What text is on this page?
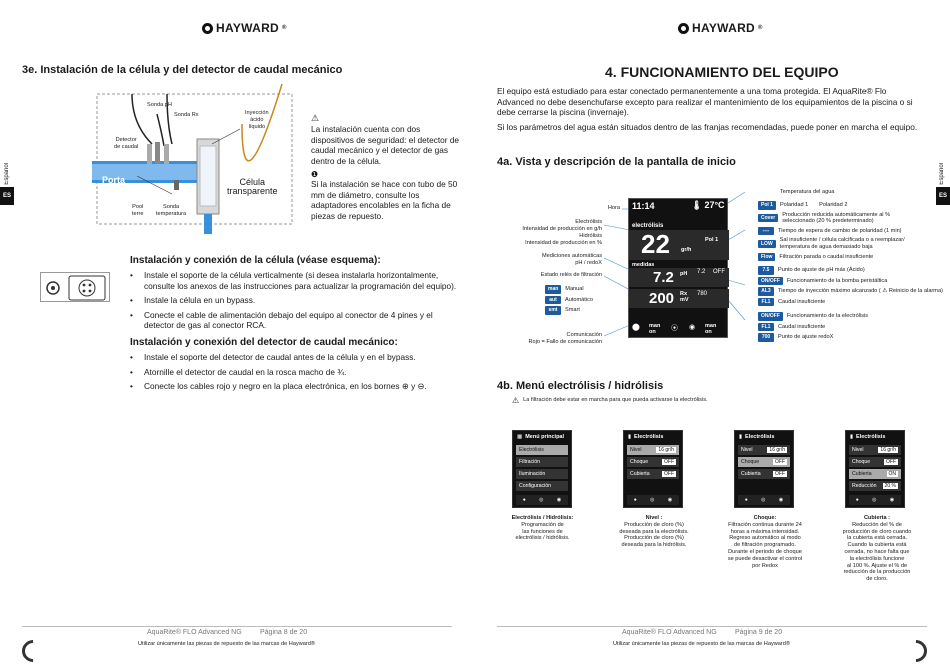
HAYWARD ®
3e. Instalación de la célula y del detector de caudal mecánico
Sonda pH
Sonda Rx	Inyección
ácido
líquido
Detector
de caudal
Porta
sonda
Pool
terre
Sonda
temperatura
Célula
transparente
⚠
La instalación cuenta con dos dispositivos de seguridad: el detector de caudal mecánico y el detector de gas dentro de la célula.
❶
Si la instalación se hace con tubo de 50 mm de diámetro, consulte los adaptadores encolables en la ficha de piezas de repuesto.
Español
ES
Instalación y conexión de la célula (véase esquema):
• Instale el soporte de la célula verticalmente (si desea instalarla horizontalmente, consulte los anexos de las instrucciones para actualizar la programación del equipo).
• Instale la célula en un bypass.
• Conecte el cable de alimentación debajo del equipo al conector de 4 pines y el detector de gas al conector RCA.
Instalación y conexión del detector de caudal mecánico:
• Instale el soporte del detector de caudal antes de la célula y en el bypass.
• Atornille el detector de caudal en la rosca macho de ¾.
• Conecte los cables rojo y negro en la placa electrónica, en los bornes ⊕ y ⊖.
AquaRite® FLO Advanced NG	Página 8 de 20
Utilizar únicamente las piezas de repuesto de las marcas de Hayward®
HAYWARD ®
4. FUNCIONAMIENTO DEL EQUIPO
El equipo está estudiado para estar conectado permanentemente a una toma protegida. El AquaRite® Flo Advanced no debe desenchufarse excepto para realizar el mantenimiento de los equipamientos de la piscina o si debe cerrarse la piscina (invernaje).
Si los parámetros del agua están situados dentro de las franjas recomendadas, puede poner en marcha el equipo.
4a. Vista y descripción de la pantalla de inicio
Español
ES
Hora
Electrólisis
Intensidad de producción en g/h
Hidrólisis
Intensidad de producción en %
Mediciones automáticas
pH / redoX
Estado relés de filtración
man	Manual
aut	Automático
smt	Smart
Comunicación
Rojo = Fallo de comunicación
11:14	🌡 27°C
electrólisis
22 gr/h
Pol 1
medidas
7.2 pH 7.2 OFF
200 Rx
mV
780
⬤ man
on	⦿ ◉ man
on
Temperatura del agua
Pol 1	Polaridad 1       Polaridad 2
Cover
Producción reducida automáticamente al %
seleccionado (20 % predeterminado)
----	Tiempo de espera de cambio de polaridad (1 min)
LOW
Sal insuficiente / célula calcificada o a reemplazar/
temperatura de agua demasiado baja
Flow	Filtración parada o caudal insuficiente
7.5	Punto de ajuste de pH máx (Ácido)
ON/OFF	Funcionamiento de la bomba peristáltica
AL3	Tiempo de inyección máximo alcanzado ( ⚠ Reinicio de la alarma)
FL1	Caudal insuficiente
ON/OFF	Funcionamiento de la electrólisis
FL1	Caudal insuficiente
700	Punto de ajuste redoX
4b. Menú electrólisis / hidrólisis
⚠ La filtración debe estar en marcha para que pueda activarse la electrólisis.
▦ Menú principal
Electrólisis
Filtración
Iluminación
Configuración
●	◎	◉
▮ Electrólisis
Nivel	16 gr/h
Choque	OFF
Cubierta	OFF
●	◎	◉
▮ Electrólisis
Nivel	16 gr/h
Choque	OFF
Cubierta	OFF
●	◎	◉
▮ Electrólisis
Nivel	16 gr/h
Choque	OFF
Cubierta	ON
Reducción	20 %
●	◎	◉
Electrólisis / Hidrólisis:
Programación de
las funciones de
electrólisis / hidrólisis.
Nivel :
Producción de cloro (%)
deseada para la electrólisis.
Producción de cloro (%)
deseada para la hidrólisis.
Choque:
Filtración continua durante 24
horas a máxima intensidad.
Regreso automático al modo
de filtración programado.
Durante el periodo de choque
se puede desactivar el control
por Redox
Cubierta :
Reducción del % de
producción de cloro cuando
la cubierta está cerrada.
Cuando la cubierta está
cerrada, no hace falta que
la electrólisis funcione
al 100 %. Ajuste el % de
reducción de la producción
de cloro.
AquaRite® FLO Advanced NG	Página 9 de 20
Utilizar únicamente las piezas de repuesto de las marcas de Hayward®
